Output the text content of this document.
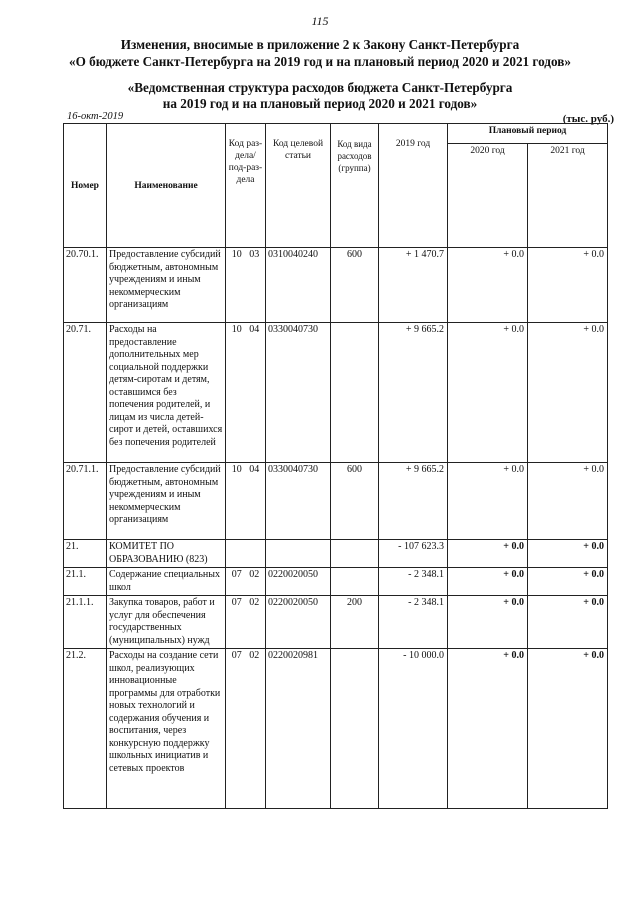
115
Изменения, вносимые в приложение 2 к Закону Санкт-Петербурга
«О бюджете Санкт-Петербурга на 2019 год и на плановый период 2020 и 2021 годов»
«Ведомственная структура расходов бюджета Санкт-Петербурга
на 2019 год и на плановый период 2020 и 2021 годов»
16-окт-2019	(тыс. руб.)
Номер	Наименование	Код раз-дела/ под-раз-дела		Код целевой статьи	Код вида расходов (группа)	2019 год	Плановый период	
							2020 год	2021 год
20.70.1.	Предоставление субсидий бюджетным, автономным учреждениям и иным некоммерческим организациям	10	03	0310040240	600	+ 1 470.7	+ 0.0	+ 0.0
20.71.	Расходы на предоставление дополнительных мер социальной поддержки детям-сиротам и детям, оставшимся без попечения родителей, и лицам из числа детей-сирот и детей, оставшихся без попечения родителей	10	04	0330040730		+ 9 665.2	+ 0.0	+ 0.0
20.71.1.	Предоставление субсидий бюджетным, автономным учреждениям и иным некоммерческим организациям	10	04	0330040730	600	+ 9 665.2	+ 0.0	+ 0.0
21.	КОМИТЕТ ПО ОБРАЗОВАНИЮ (823)					- 107 623.3	+ 0.0	+ 0.0
21.1.	Содержание специальных школ	07	02	0220020050		- 2 348.1	+ 0.0	+ 0.0
21.1.1.	Закупка товаров, работ и услуг для обеспечения государственных (муниципальных) нужд	07	02	0220020050	200	- 2 348.1	+ 0.0	+ 0.0
21.2.	Расходы на создание сети школ, реализующих инновационные программы для отработки новых технологий и содержания обучения и воспитания, через конкурсную поддержку школьных инициатив и сетевых проектов	07	02	0220020981		- 10 000.0	+ 0.0	+ 0.0
